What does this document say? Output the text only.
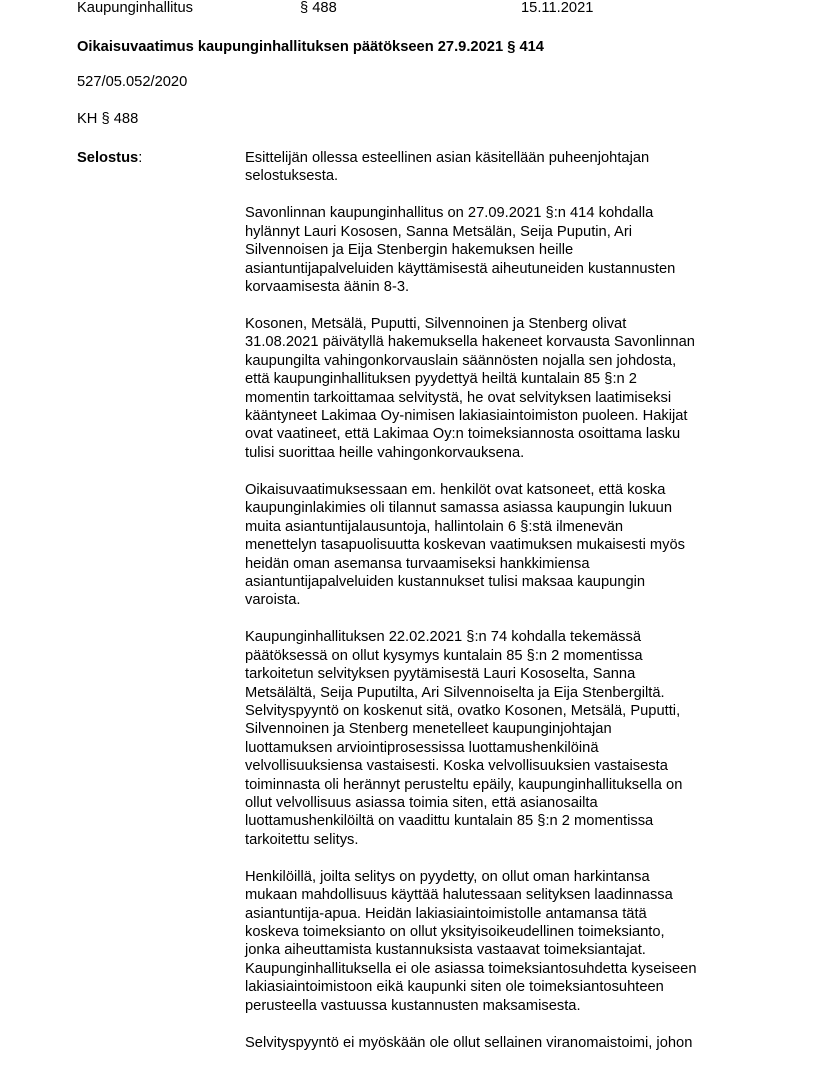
Kaupunginhallitus	§ 488	15.11.2021
Oikaisuvaatimus kaupunginhallituksen päätökseen 27.9.2021 § 414
527/05.052/2020
KH § 488
Selostus:	Esittelijän ollessa esteellinen asian käsitellään puheenjohtajan
selostuksesta.

Savonlinnan kaupunginhallitus on 27.09.2021 §:n 414 kohdalla
hylännyt Lauri Kososen, Sanna Metsälän, Seija Puputin, Ari
Silvennoisen ja Eija Stenbergin hakemuksen heille
asiantuntijapalveluiden käyttämisestä aiheutuneiden kustannusten
korvaamisesta äänin 8-3.

Kosonen, Metsälä, Puputti, Silvennoinen ja Stenberg olivat
31.08.2021 päivätyllä hakemuksella hakeneet korvausta Savonlinnan
kaupungilta vahingonkorvauslain säännösten nojalla sen johdosta,
että kaupunginhallituksen pyydettyä heiltä kuntalain 85 §:n 2
momentin tarkoittamaa selvitystä, he ovat selvityksen laatimiseksi
kääntyneet Lakimaa Oy-nimisen lakiasiaintoimiston puoleen. Hakijat
ovat vaatineet, että Lakimaa Oy:n toimeksiannosta osoittama lasku
tulisi suorittaa heille vahingonkorvauksena.

Oikaisuvaatimuksessaan em. henkilöt ovat katsoneet, että koska
kaupunginlakimies oli tilannut samassa asiassa kaupungin lukuun
muita asiantuntijalausuntoja, hallintolain 6 §:stä ilmenevän
menettelyn tasapuolisuutta koskevan vaatimuksen mukaisesti myös
heidän oman asemansa turvaamiseksi hankkimiensa
asiantuntijapalveluiden kustannukset tulisi maksaa kaupungin
varoista.

Kaupunginhallituksen 22.02.2021 §:n 74 kohdalla tekemässä
päätöksessä on ollut kysymys kuntalain 85 §:n 2 momentissa
tarkoitetun selvityksen pyytämisestä Lauri Kososelta, Sanna
Metsälältä, Seija Puputilta, Ari Silvennoiselta ja Eija Stenbergiltä.
Selvityspyyntö on koskenut sitä, ovatko Kosonen, Metsälä, Puputti,
Silvennoinen ja Stenberg menetelleet kaupunginjohtajan
luottamuksen arviointiprosessissa luottamushenkilöinä
velvollisuuksiensa vastaisesti. Koska velvollisuuksien vastaisesta
toiminnasta oli herännyt perusteltu epäily, kaupunginhallituksella on
ollut velvollisuus asiassa toimia siten, että asianosailta
luottamushenkilöiltä on vaadittu kuntalain 85 §:n 2 momentissa
tarkoitettu selitys.

Henkilöillä, joilta selitys on pyydetty, on ollut oman harkintansa
mukaan mahdollisuus käyttää halutessaan selityksen laadinnassa
asiantuntija-apua. Heidän lakiasiaintoimistolle antamansa tätä
koskeva toimeksianto on ollut yksityisoikeudellinen toimeksianto,
jonka aiheuttamista kustannuksista vastaavat toimeksiantajat.
Kaupunginhallituksella ei ole asiassa toimeksiantosuhdetta kyseiseen
lakiasiaintoimistoon eikä kaupunki siten ole toimeksiantosuhteen
perusteella vastuussa kustannusten maksamisesta.

Selvityspyyntö ei myöskään ole ollut sellainen viranomaistoimi, johon
